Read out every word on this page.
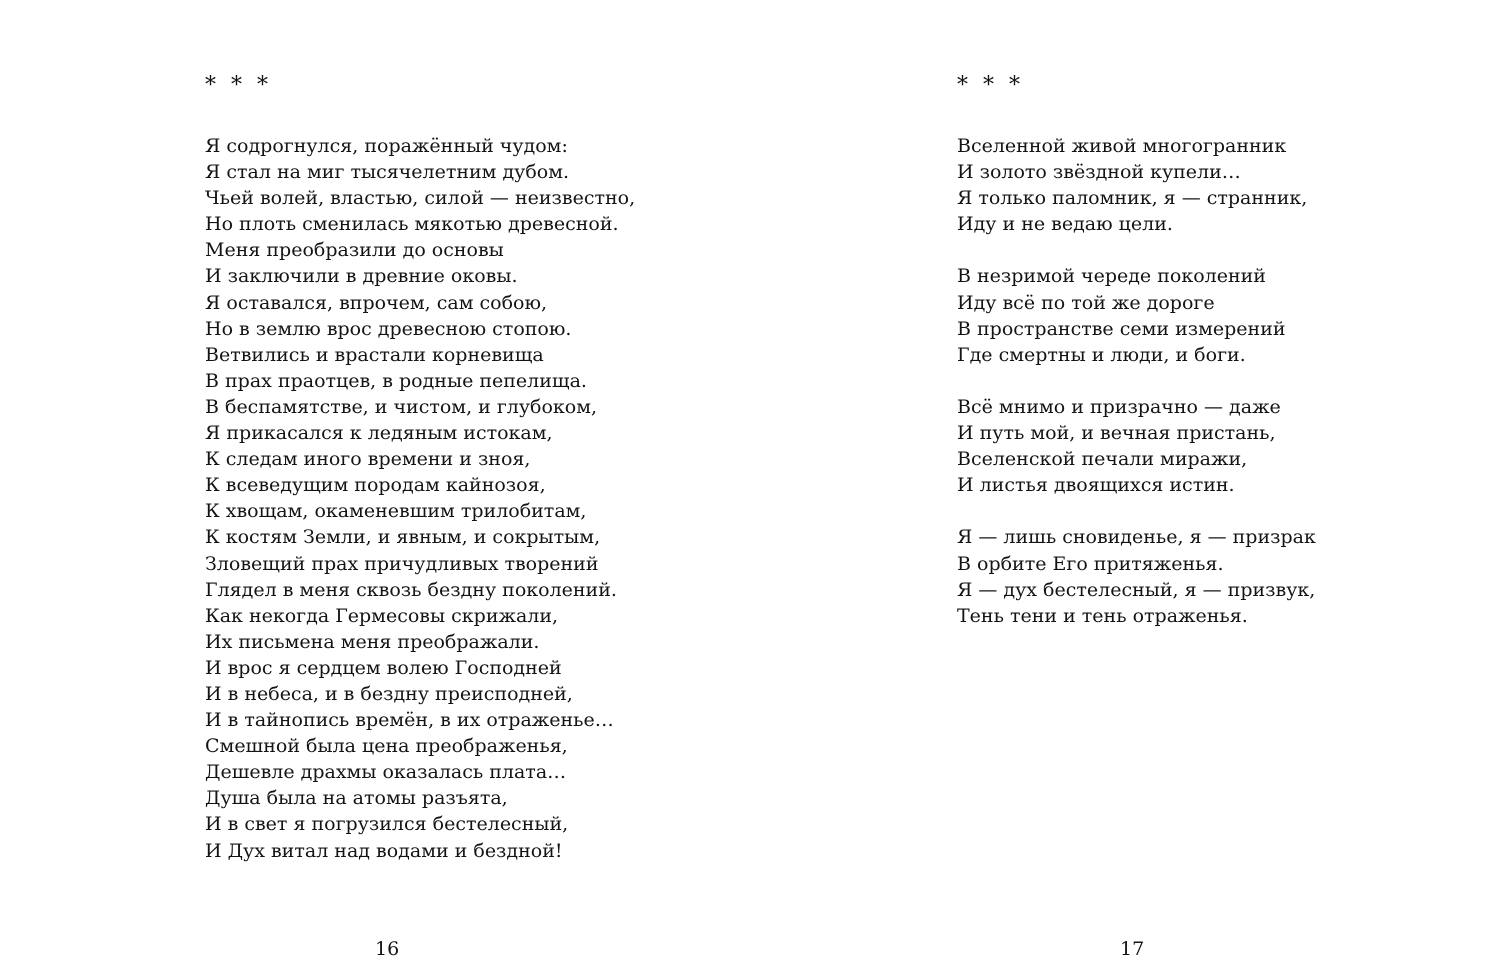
* * *
Я содрогнулся, поражённый чудом:
Я стал на миг тысячелетним дубом.
Чьей волей, властью, силой — неизвестно,
Но плоть сменилась мякотью древесной.
Меня преобразили до основы
И заключили в древние оковы.
Я оставался, впрочем, сам собою,
Но в землю врос древесною стопою.
Ветвились и врастали корневища
В прах праотцев, в родные пепелища.
В беспамятстве, и чистом, и глубоком,
Я прикасался к ледяным истокам,
К следам иного времени и зноя,
К всеведущим породам кайнозоя,
К хвощам, окаменевшим трилобитам,
К костям Земли, и явным, и сокрытым,
Зловещий прах причудливых творений
Глядел в меня сквозь бездну поколений.
Как некогда Гермесовы скрижали,
Их письмена меня преображали.
И врос я сердцем волею Господней
И в небеса, и в бездну преисподней,
И в тайнопись времён, в их отраженье…
Смешной была цена преображенья,
Дешевле драхмы оказалась плата…
Душа была на атомы разъята,
И в свет я погрузился бестелесный,
И Дух витал над водами и бездной!
16
* * *
Вселенной живой многогранник
И золото звёздной купели…
Я только паломник, я — странник,
Иду и не ведаю цели.
В незримой череде поколений
Иду всё по той же дороге
В пространстве семи измерений
Где смертны и люди, и боги.
Всё мнимо и призрачно — даже
И путь мой, и вечная пристань,
Вселенской печали миражи,
И листья двоящихся истин.
Я — лишь сновиденье, я — призрак
В орбите Его притяженья.
Я — дух бестелесный, я — призвук,
Тень тени и тень отраженья.
17
